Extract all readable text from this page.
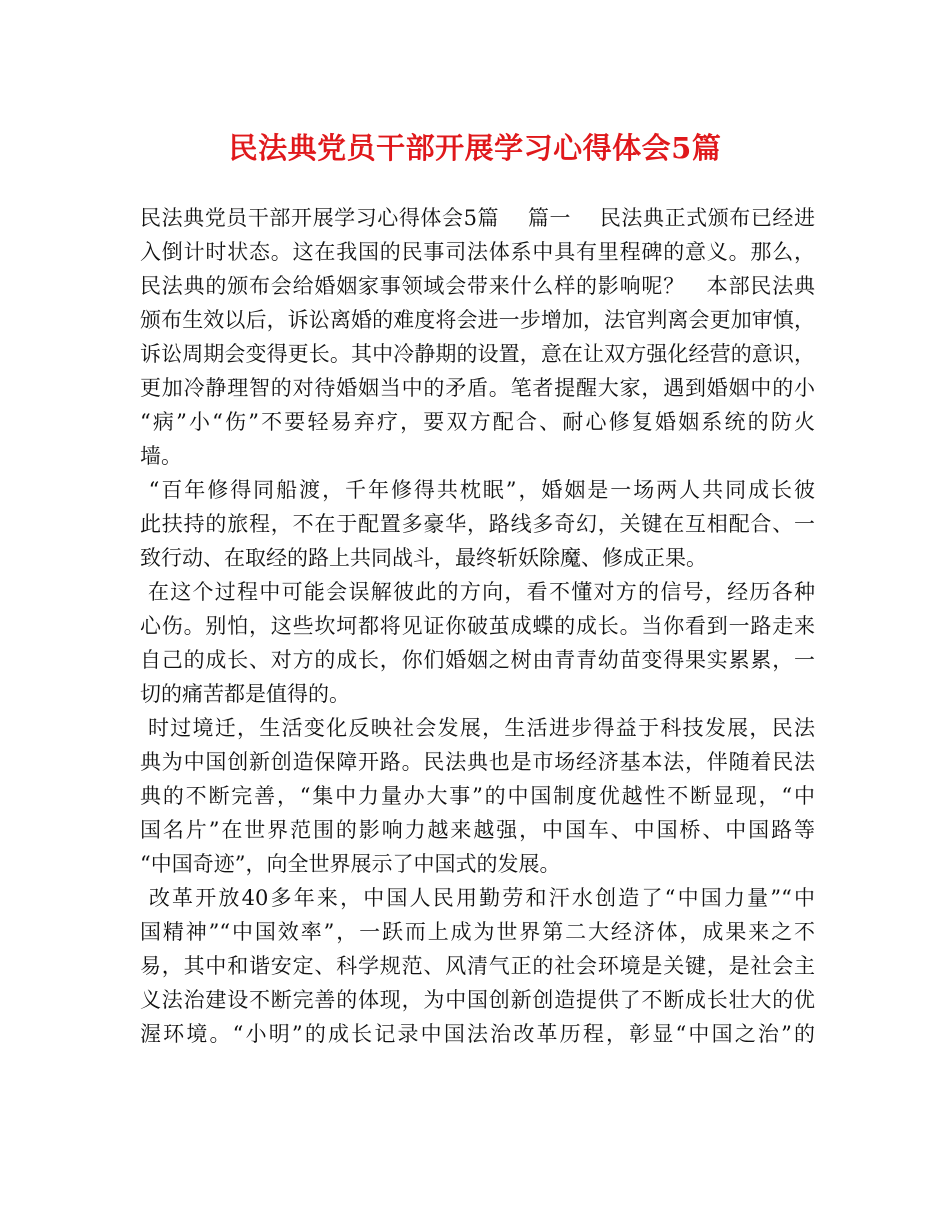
民法典党员干部开展学习心得体会5篇
民法典党员干部开展学习心得体会5篇　 篇一　 民法典正式颁布已经进
入倒计时状态。这在我国的民事司法体系中具有里程碑的意义。那么，
民法典的颁布会给婚姻家事领域会带来什么样的影响呢？　本部民法典
颁布生效以后，诉讼离婚的难度将会进一步增加，法官判离会更加审慎，
诉讼周期会变得更长。其中冷静期的设置，意在让双方强化经营的意识，
更加冷静理智的对待婚姻当中的矛盾。笔者提醒大家，遇到婚姻中的小
“病”小“伤”不要轻易弃疗，要双方配合、耐心修复婚姻系统的防火
墙。
“百年修得同船渡，千年修得共枕眠”，婚姻是一场两人共同成长彼
此扶持的旅程，不在于配置多豪华，路线多奇幻，关键在互相配合、一
致行动、在取经的路上共同战斗，最终斩妖除魔、修成正果。
在这个过程中可能会误解彼此的方向，看不懂对方的信号，经历各种
心伤。别怕，这些坎坷都将见证你破茧成蝶的成长。当你看到一路走来
自己的成长、对方的成长，你们婚姻之树由青青幼苗变得果实累累，一
切的痛苦都是值得的。
时过境迁，生活变化反映社会发展，生活进步得益于科技发展，民法
典为中国创新创造保障开路。民法典也是市场经济基本法，伴随着民法
典的不断完善，“集中力量办大事”的中国制度优越性不断显现，“中
国名片”在世界范围的影响力越来越强，中国车、中国桥、中国路等
“中国奇迹”，向全世界展示了中国式的发展。
改革开放40多年来，中国人民用勤劳和汗水创造了“中国力量”“中
国精神”“中国效率”，一跃而上成为世界第二大经济体，成果来之不
易，其中和谐安定、科学规范、风清气正的社会环境是关键，是社会主
义法治建设不断完善的体现，为中国创新创造提供了不断成长壮大的优
渥环境。“小明”的成长记录中国法治改革历程，彰显“中国之治”的
